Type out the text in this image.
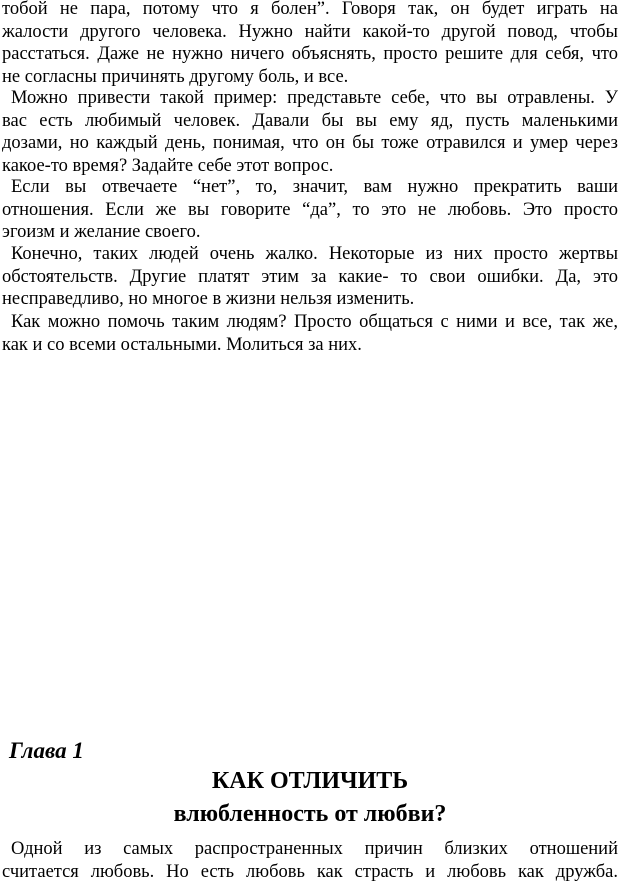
тобой не пара, потому что я болен”. Говоря так, он будет играть на
жалости другого человека. Нужно найти какой-то другой повод, чтобы
расстаться. Даже не нужно ничего объяснять, просто решите для себя, что
не согласны причинять другому боль, и все.

Можно привести такой пример: представьте себе, что вы отравлены. У
вас есть любимый человек. Давали бы вы ему яд, пусть маленькими
дозами, но каждый день, понимая, что он бы тоже отравился и умер через
какое-то время? Задайте себе этот вопрос.

Если вы отвечаете “нет”, то, значит, вам нужно прекратить ваши
отношения. Если же вы говорите “да”, то это не любовь. Это просто
эгоизм и желание своего.

Конечно, таких людей очень жалко. Некоторые из них просто жертвы
обстоятельств. Другие платят этим за какие- то свои ошибки. Да, это
несправедливо, но многое в жизни нельзя изменить.

Как можно помочь таким людям? Просто общаться с ними и все, так же,
как и со всеми остальными. Молиться за них.

Глава 1
КАК ОТЛИЧИТЬ
влюбленность от любви?

Одной из самых распространенных причин близких отношений
считается любовь. Но есть любовь как страсть и любовь как дружба.
